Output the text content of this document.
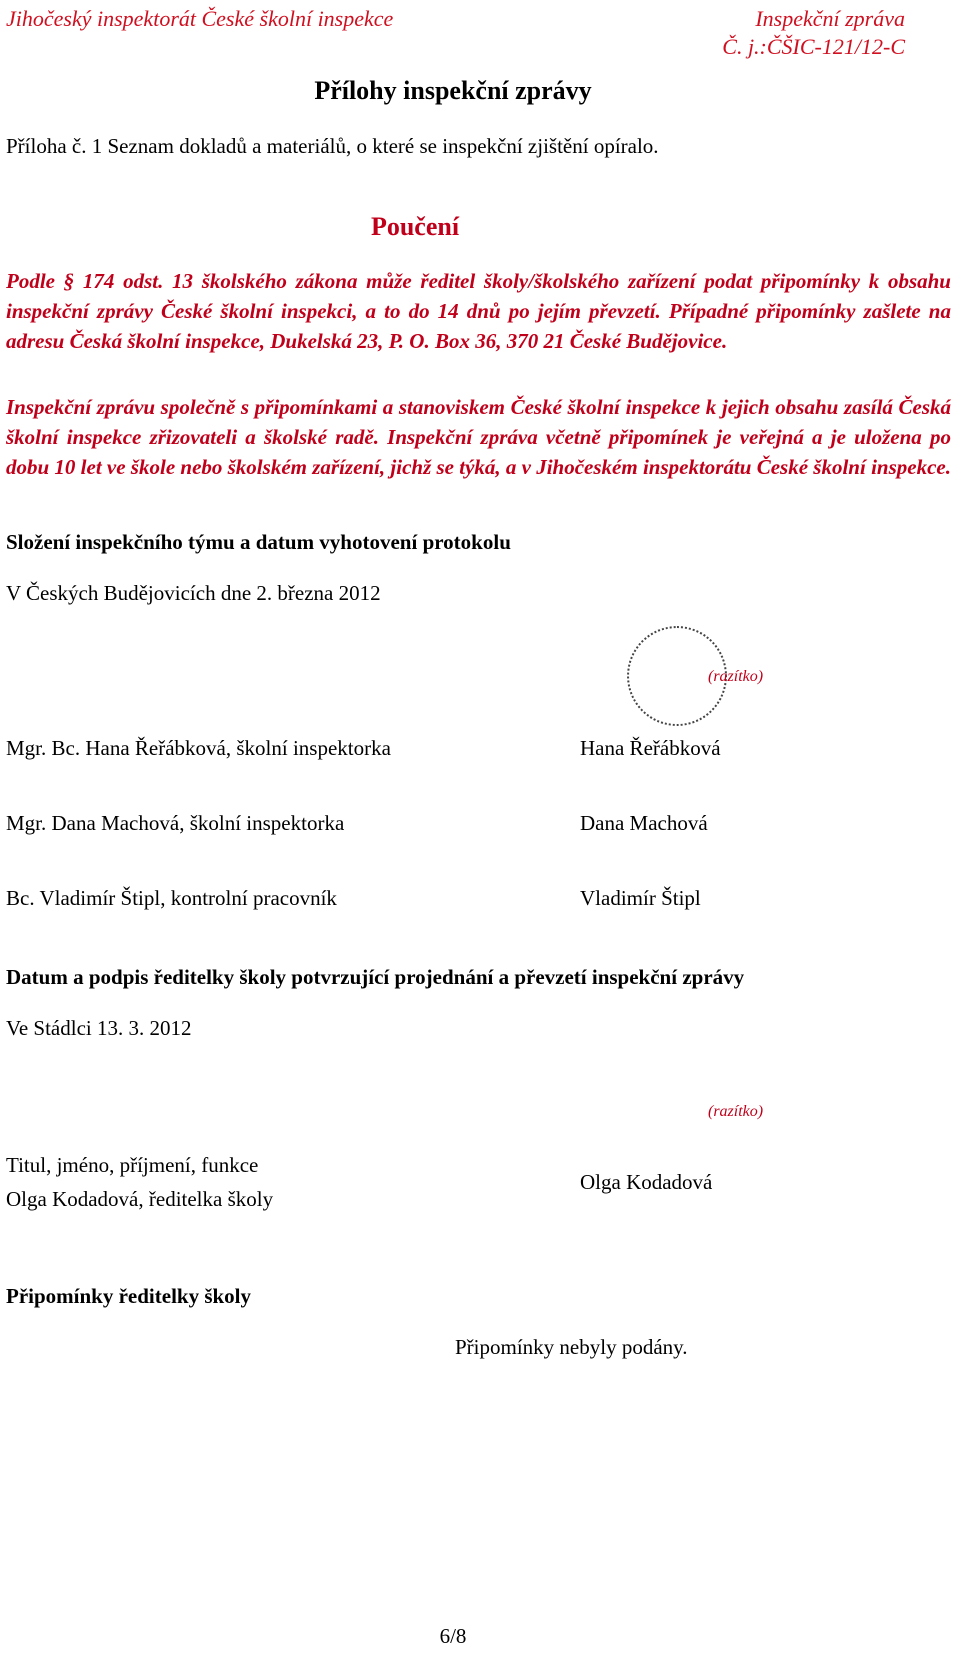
Jihočeský inspektorát České školní inspekce	Inspekční zpráva
Č. j.:ČŠIC-121/12-C
Přílohy inspekční zprávy
Příloha č. 1 Seznam dokladů a materiálů, o které se inspekční zjištění opíralo.
Poučení
Podle § 174 odst. 13 školského zákona může ředitel školy/školského zařízení podat připomínky k obsahu inspekční zprávy České školní inspekci, a to do 14 dnů po jejím převzetí. Případné připomínky zašlete na adresu Česká školní inspekce, Dukelská 23, P. O. Box 36, 370 21 České Budějovice.
Inspekční zprávu společně s připomínkami a stanoviskem České školní inspekce k jejich obsahu zasílá Česká školní inspekce zřizovateli a školské radě. Inspekční zpráva včetně připomínek je veřejná a je uložena po dobu 10 let ve škole nebo školském zařízení, jichž se týká, a v Jihočeském inspektorátu České školní inspekce.
Složení inspekčního týmu a datum vyhotovení protokolu
V Českých Budějovicích dne 2. března 2012
(razítko)
Mgr. Bc. Hana Řeřábková, školní inspektorka	Hana Řeřábková
Mgr. Dana Machová, školní inspektorka	Dana Machová
Bc. Vladimír Štipl, kontrolní pracovník	Vladimír Štipl
Datum a podpis ředitelky školy potvrzující projednání a převzetí inspekční zprávy
Ve Stádlci 13. 3. 2012
(razítko)
Titul, jméno, příjmení, funkce
Olga Kodadová, ředitelka školy
Olga Kodadová
Připomínky ředitelky školy
Připomínky nebyly podány.
6/8
